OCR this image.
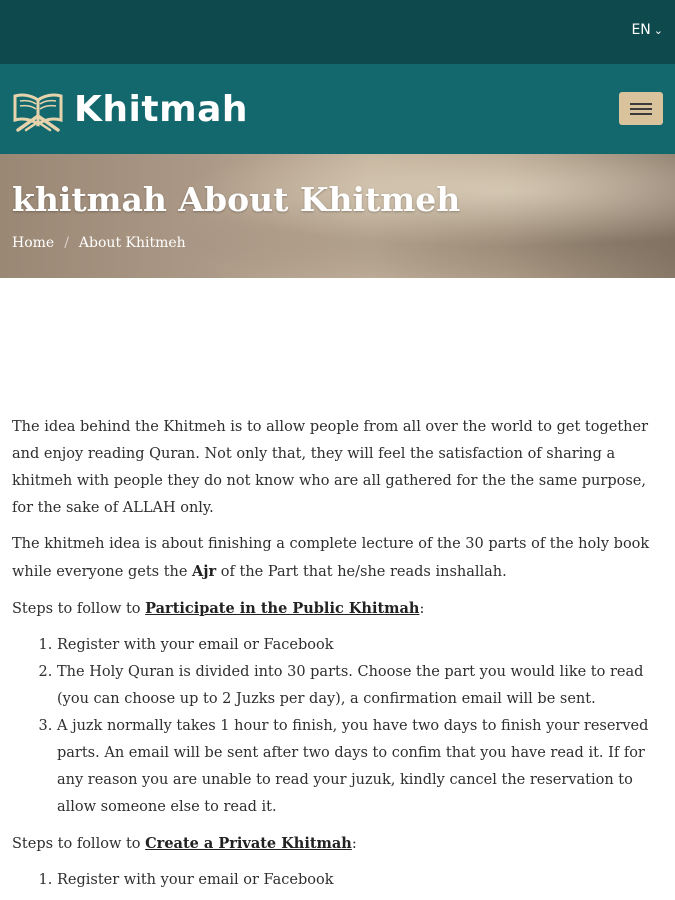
EN ⌄
Khitmah
khitmah About Khitmeh
Home / About Khitmeh

The idea behind the Khitmeh is to allow people from all over the world to get together and enjoy reading Quran. Not only that, they will feel the satisfaction of sharing a khitmeh with people they do not know who are all gathered for the the same purpose, for the sake of ALLAH only.

The khitmeh idea is about finishing a complete lecture of the 30 parts of the holy book while everyone gets the Ajr of the Part that he/she reads inshallah.

Steps to follow to Participate in the Public Khitmah:

1. Register with your email or Facebook
2. The Holy Quran is divided into 30 parts. Choose the part you would like to read (you can choose up to 2 Juzks per day), a confirmation email will be sent.
3. A juzk normally takes 1 hour to finish, you have two days to finish your reserved parts. An email will be sent after two days to confim that you have read it. If for any reason you are unable to read your juzuk, kindly cancel the reservation to allow someone else to read it.

Steps to follow to Create a Private Khitmah:

1. Register with your email or Facebook
